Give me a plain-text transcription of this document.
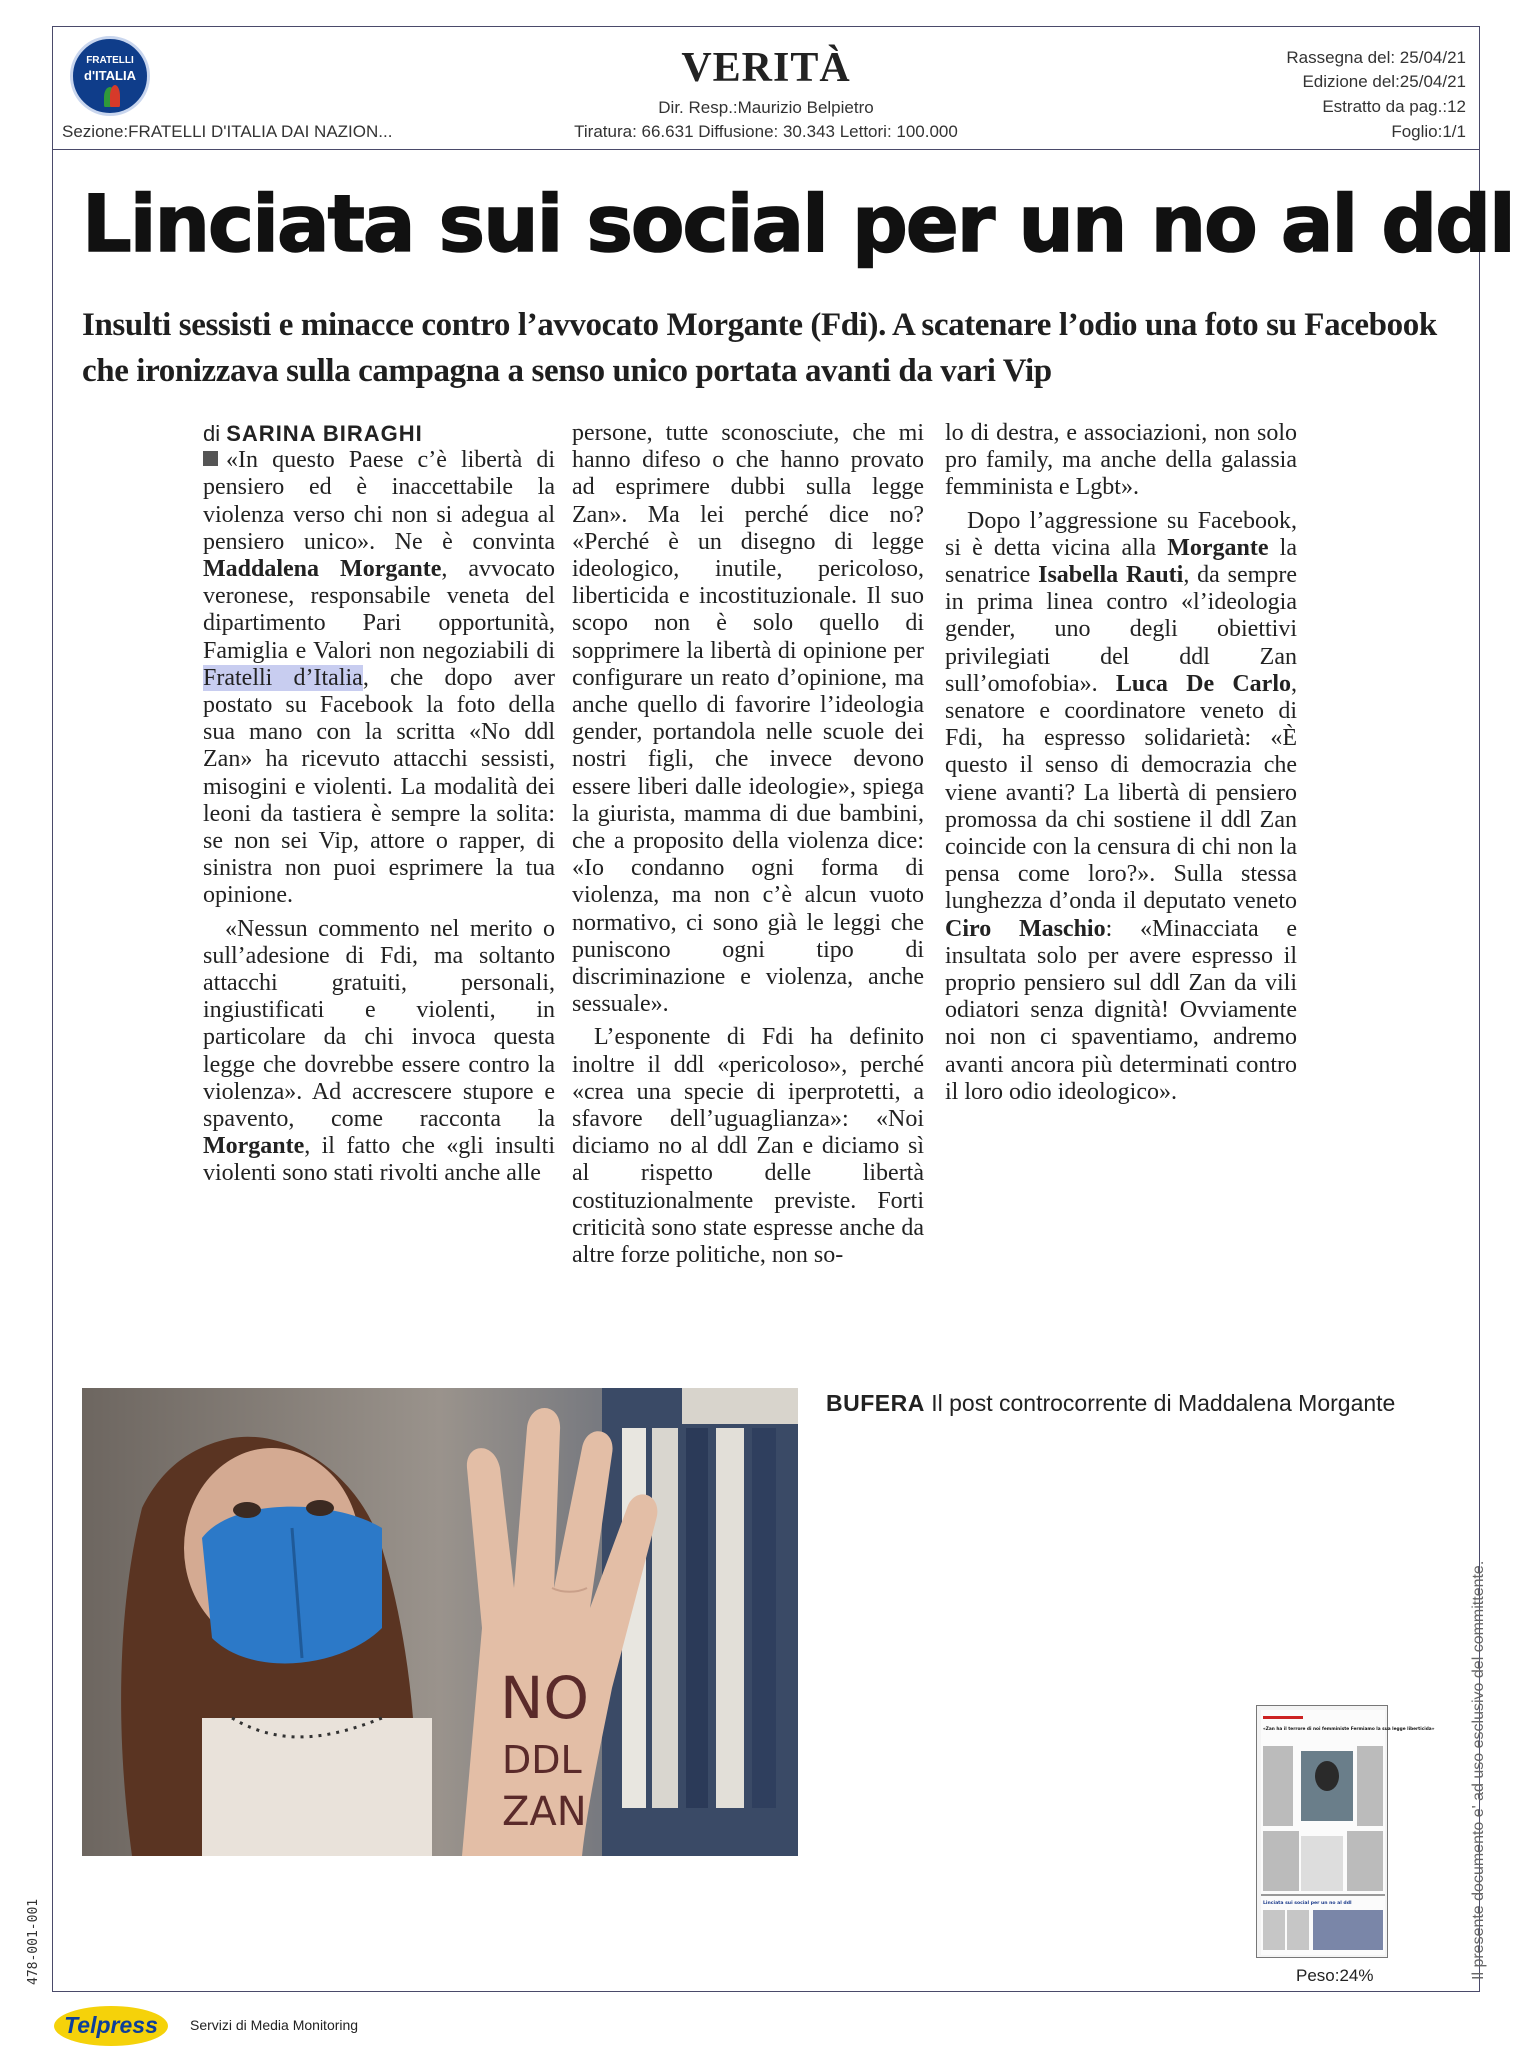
FRATELLI
d'ITALIA	VERITÀ
Dir. Resp.:Maurizio Belpietro
Sezione:FRATELLI D'ITALIA DAI NAZION...	Tiratura: 66.631 Diffusione: 30.343 Lettori: 100.000
Rassegna del: 25/04/21
Edizione del:25/04/21
Estratto da pag.:12
Foglio:1/1
Linciata sui social per un no al ddl
Insulti sessisti e minacce contro l’avvocato Morgante (Fdi). A scatenare l’odio una foto su Facebook che ironizzava sulla campagna a senso unico portata avanti da vari Vip
di SARINA BIRAGHI

«In questo Paese c’è libertà di pensiero ed è inaccettabile la violenza verso chi non si adegua al pensiero unico». Ne è convinta Maddalena Morgante, avvocato veronese, responsabile veneta del dipartimento Pari opportunità, Famiglia e Valori non negoziabili di Fratelli d’Italia, che dopo aver postato su Facebook la foto della sua mano con la scritta «No ddl Zan» ha ricevuto attacchi sessisti, misogini e violenti. La modalità dei leoni da tastiera è sempre la solita: se non sei Vip, attore o rapper, di sinistra non puoi esprimere la tua opinione.

«Nessun commento nel merito o sull’adesione di Fdi, ma soltanto attacchi gratuiti, personali, ingiustificati e violenti, in particolare da chi invoca questa legge che dovrebbe essere contro la violenza». Ad accrescere stupore e spavento, come racconta la Morgante, il fatto che «gli insulti violenti sono stati rivolti anche alle

persone, tutte sconosciute, che mi hanno difeso o che hanno provato ad esprimere dubbi sulla legge Zan». Ma lei perché dice no? «Perché è un disegno di legge ideologico, inutile, pericoloso, liberticida e incostituzionale. Il suo scopo non è solo quello di sopprimere la libertà di opinione per configurare un reato d’opinione, ma anche quello di favorire l’ideologia gender, portandola nelle scuole dei nostri figli, che invece devono essere liberi dalle ideologie», spiega la giurista, mamma di due bambini, che a proposito della violenza dice: «Io condanno ogni forma di violenza, ma non c’è alcun vuoto normativo, ci sono già le leggi che puniscono ogni tipo di discriminazione e violenza, anche sessuale».

L’esponente di Fdi ha definito inoltre il ddl «pericoloso», perché «crea una specie di iperprotetti, a sfavore dell’uguaglianza»: «Noi diciamo no al ddl Zan e diciamo sì al rispetto delle libertà costituzionalmente previste. Forti criticità sono state espresse anche da altre forze politiche, non so-

lo di destra, e associazioni, non solo pro family, ma anche della galassia femminista e Lgbt».

Dopo l’aggressione su Facebook, si è detta vicina alla Morgante la senatrice Isabella Rauti, da sempre in prima linea contro «l’ideologia gender, uno degli obiettivi privilegiati del ddl Zan sull’omofobia». Luca De Carlo, senatore e coordinatore veneto di Fdi, ha espresso solidarietà: «È questo il senso di democrazia che viene avanti? La libertà di pensiero promossa da chi sostiene il ddl Zan coincide con la censura di chi non la pensa come loro?». Sulla stessa lunghezza d’onda il deputato veneto Ciro Maschio: «Minacciata e insultata solo per avere espresso il proprio pensiero sul ddl Zan da vili odiatori senza dignità! Ovviamente noi non ci spaventiamo, andremo avanti ancora più determinati contro il loro odio ideologico».

NO
DDL
ZAN
BUFERA Il post controcorrente di Maddalena Morgante
«Zan ha il terrore di noi femministe Fermiamo la sua legge liberticida»
Linciata sui social per un no al ddl
Peso:24%	Il presente documento e' ad uso esclusivo del committente.
478-001-001
Telpress	Servizi di Media Monitoring
